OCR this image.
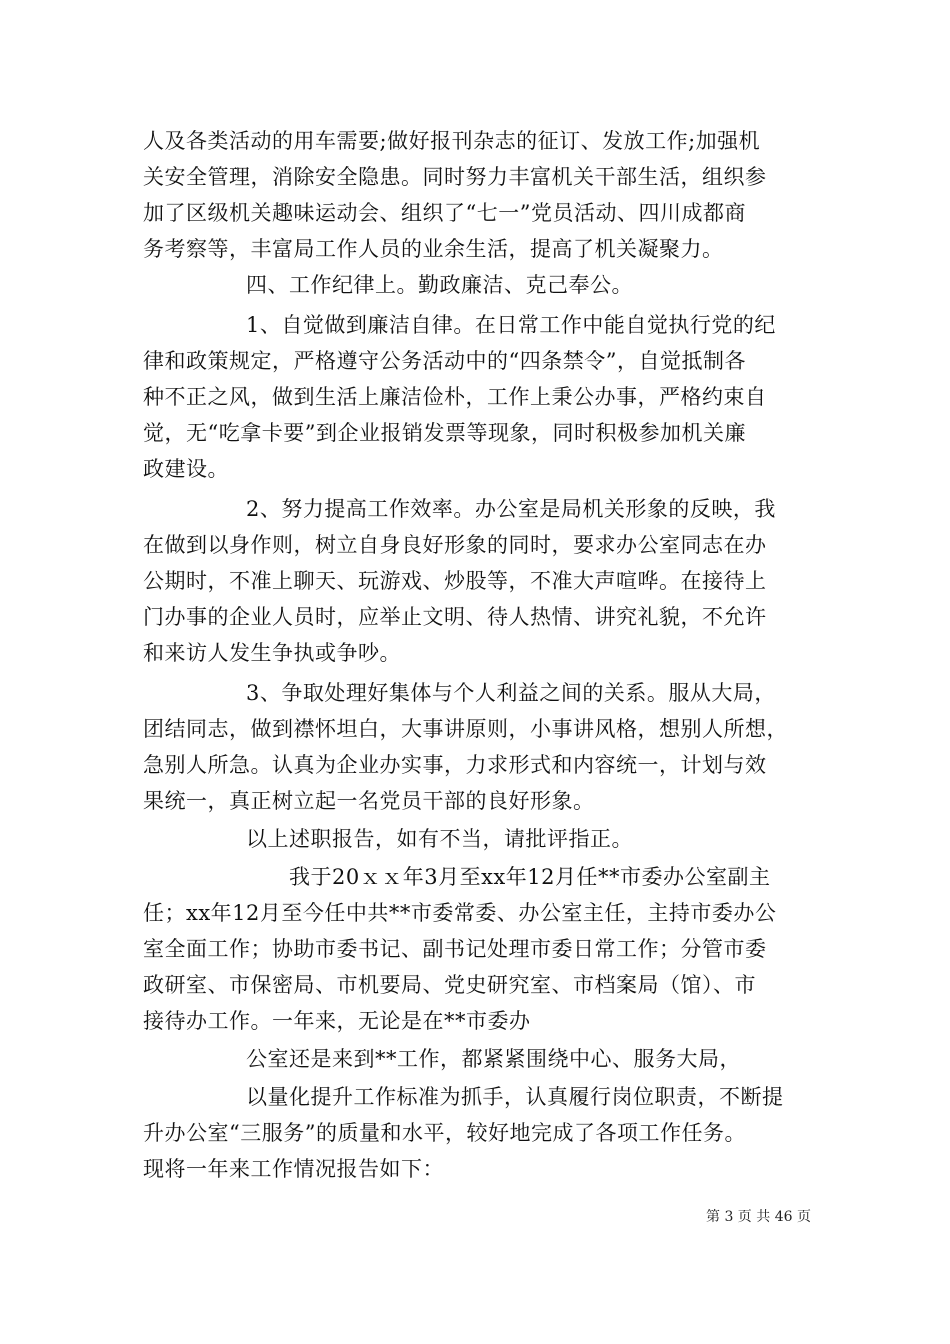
人及各类活动的用车需要;做好报刊杂志的征订、发放工作;加强机
关安全管理，消除安全隐患。同时努力丰富机关干部生活，组织参
加了区级机关趣味运动会、组织了“七一”党员活动、四川成都商
务考察等，丰富局工作人员的业余生活，提高了机关凝聚力。
四、工作纪律上。勤政廉洁、克己奉公。
1、自觉做到廉洁自律。在日常工作中能自觉执行党的纪
律和政策规定，严格遵守公务活动中的“四条禁令”，自觉抵制各
种不正之风，做到生活上廉洁俭朴，工作上秉公办事，严格约束自
觉，无“吃拿卡要”到企业报销发票等现象，同时积极参加机关廉
政建设。
2、努力提高工作效率。办公室是局机关形象的反映，我
在做到以身作则，树立自身良好形象的同时，要求办公室同志在办
公期时，不准上聊天、玩游戏、炒股等，不准大声喧哗。在接待上
门办事的企业人员时，应举止文明、待人热情、讲究礼貌，不允许
和来访人发生争执或争吵。
3、争取处理好集体与个人利益之间的关系。服从大局，
团结同志，做到襟怀坦白，大事讲原则，小事讲风格，想别人所想，
急别人所急。认真为企业办实事，力求形式和内容统一，计划与效
果统一，真正树立起一名党员干部的良好形象。
以上述职报告，如有不当，请批评指正。
我于20ｘｘ年3月至xx年12月任**市委办公室副主
任；xx年12月至今任中共**市委常委、办公室主任，主持市委办公
室全面工作；协助市委书记、副书记处理市委日常工作；分管市委
政研室、市保密局、市机要局、党史研究室、市档案局（馆）、市
接待办工作。一年来，无论是在**市委办
公室还是来到**工作，都紧紧围绕中心、服务大局，
以量化提升工作标准为抓手，认真履行岗位职责，不断提
升办公室“三服务”的质量和水平，较好地完成了各项工作任务。
现将一年来工作情况报告如下：
第 3 页 共 46 页
